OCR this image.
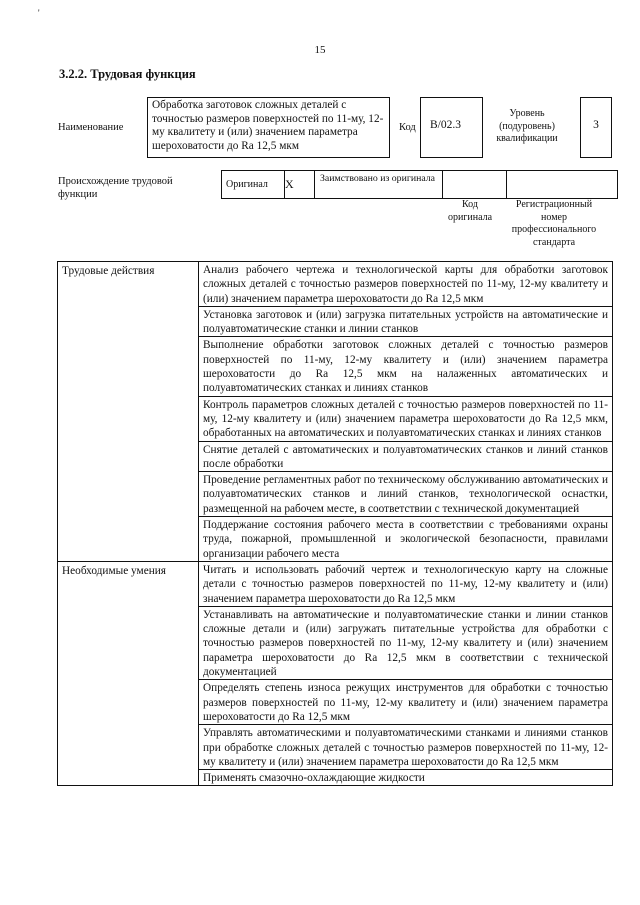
'
15
3.2.2. Трудовая функция
Наименование
Обработка заготовок сложных деталей с точностью размеров поверхностей по 11-му, 12-му квалитету и (или) значением параметра шероховатости до Ra 12,5 мкм
Код	B/02.3
Уровень (подуровень) квалификации
3
Происхождение трудовой функции
Оригинал	X	Заимствовано из оригинала		
Код оригинала
Регистрационный номер профессионального стандарта
Трудовые действия	Анализ рабочего чертежа и технологической карты для обработки заготовок сложных деталей с точностью размеров поверхностей по 11-му, 12-му квалитету и (или) значением параметра шероховатости до Ra 12,5 мкм
	Установка заготовок и (или) загрузка питательных устройств на автоматические и полуавтоматические станки и линии станков
	Выполнение обработки заготовок сложных деталей с точностью размеров поверхностей по 11-му, 12-му квалитету и (или) значением параметра шероховатости до Ra 12,5 мкм на налаженных автоматических и полуавтоматических станках и линиях станков
	Контроль параметров сложных деталей с точностью размеров поверхностей по 11-му, 12-му квалитету и (или) значением параметра шероховатости до Ra 12,5 мкм, обработанных на автоматических и полуавтоматических станках и линиях станков
	Снятие деталей с автоматических и полуавтоматических станков и линий станков после обработки
	Проведение регламентных работ по техническому обслуживанию автоматических и полуавтоматических станков и линий станков, технологической оснастки, размещенной на рабочем месте, в соответствии с технической документацией
	Поддержание состояния рабочего места в соответствии с требованиями охраны труда, пожарной, промышленной и экологической безопасности, правилами организации рабочего места
Необходимые умения	Читать и использовать рабочий чертеж и технологическую карту на сложные детали с точностью размеров поверхностей по 11-му, 12-му квалитету и (или) значением параметра шероховатости до Ra 12,5 мкм
	Устанавливать на автоматические и полуавтоматические станки и линии станков сложные детали и (или) загружать питательные устройства для обработки с точностью размеров поверхностей по 11-му, 12-му квалитету и (или) значением параметра шероховатости до Ra 12,5 мкм в соответствии с технической документацией
	Определять степень износа режущих инструментов для обработки с точностью размеров поверхностей по 11-му, 12-му квалитету и (или) значением параметра шероховатости до Ra 12,5 мкм
	Управлять автоматическими и полуавтоматическими станками и линиями станков при обработке сложных деталей с точностью размеров поверхностей по 11-му, 12-му квалитету и (или) значением параметра шероховатости до Ra 12,5 мкм
	Применять смазочно-охлаждающие жидкости
